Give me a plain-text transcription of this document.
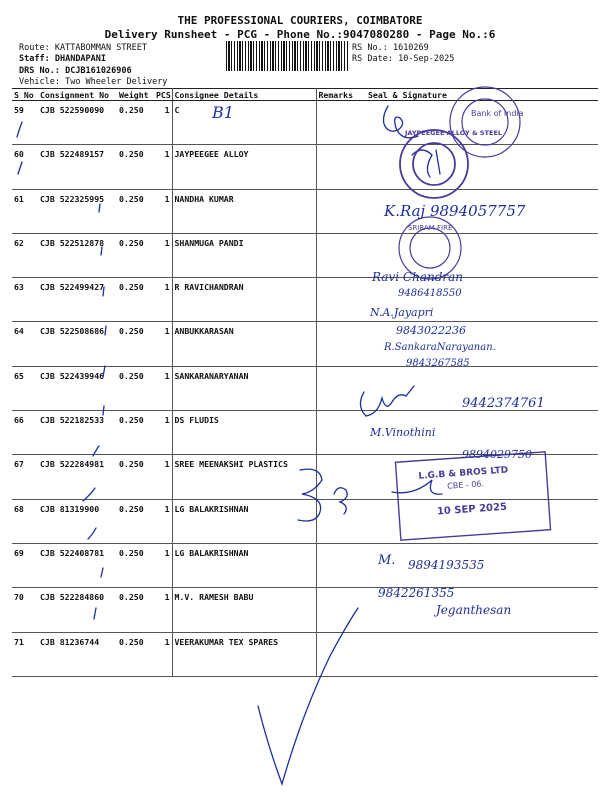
THE PROFESSIONAL COURIERS, COIMBATORE
Delivery Runsheet - PCG - Phone No.:9047080280 - Page No.:6
Route: KATTABOMMAN STREET
Staff: DHANDAPANI
DRS No.: DCJB161026906
Vehicle: Two Wheeler Delivery
RS No.: 1610269
RS Date: 10-Sep-2025
S No	Consignment No	Weight	PCS	Consignee Details	Remarks	Seal & Signature
59	CJB 522590090	0.250	1	C		
60	CJB 522489157	0.250	1	JAYPEEGEE ALLOY		
61	CJB 522325995	0.250	1	NANDHA KUMAR		
62	CJB 522512878	0.250	1	SHANMUGA PANDI		
63	CJB 522499427	0.250	1	R RAVICHANDRAN		
64	CJB 522508686	0.250	1	ANBUKKARASAN		
65	CJB 522439946	0.250	1	SANKARANARYANAN		
66	CJB 522182533	0.250	1	DS FLUDIS		
67	CJB 522284981	0.250	1	SREE MEENAKSHI PLASTICS		
68	CJB 81319900	0.250	1	LG BALAKRISHNAN		
69	CJB 522408781	0.250	1	LG BALAKRISHNAN		
70	CJB 522284860	0.250	1	M.V. RAMESH BABU		
71	CJB 81236744	0.250	1	VEERAKUMAR TEX SPARES		
Bank of India
JAYPEEGEE ALLOY & STEEL
SRIRAM FIRE
L.G.B & BROS LTD
CBE - 06.
10 SEP 2025
B1
K.Raj 9894057757
Ravi Chandran
9486418550
N.A.Jayapri
9843022236
R.SankaraNarayanan.
9843267585
9442374761
M.Vinothini
9894029750
M. 9894193535
9842261355
Jeganthesan
